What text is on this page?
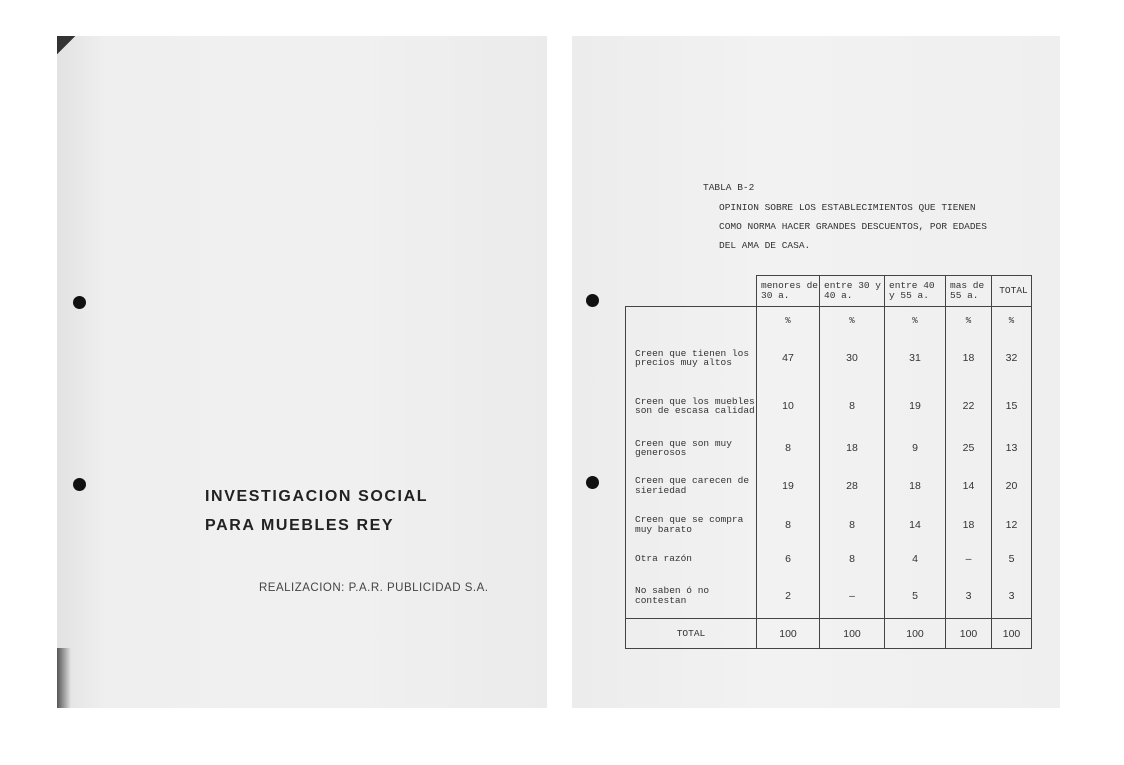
INVESTIGACION SOCIAL
PARA MUEBLES REY
REALIZACION: P.A.R. PUBLICIDAD S.A.
TABLA B-2
OPINION SOBRE LOS ESTABLECIMIENTOS QUE TIENEN
COMO NORMA HACER GRANDES DESCUENTOS, POR EDADES
DEL AMA DE CASA.
	menores de 30 a.	entre 30 y 40 a.	entre 40 y 55 a.	mas de 55 a.	TOTAL
	%	%	%	%	%
Creen que tienen los precios muy altos	47	30	31	18	32
Creen que los muebles son de escasa calidad	10	8	19	22	15
Creen que son muy generosos	8	18	9	25	13
Creen que carecen de sieriedad	19	28	18	14	20
Creen que se compra muy barato	8	8	14	18	12
Otra razón	6	8	4	–	5
No saben ó no contestan	2	–	5	3	3
TOTAL	100	100	100	100	100
